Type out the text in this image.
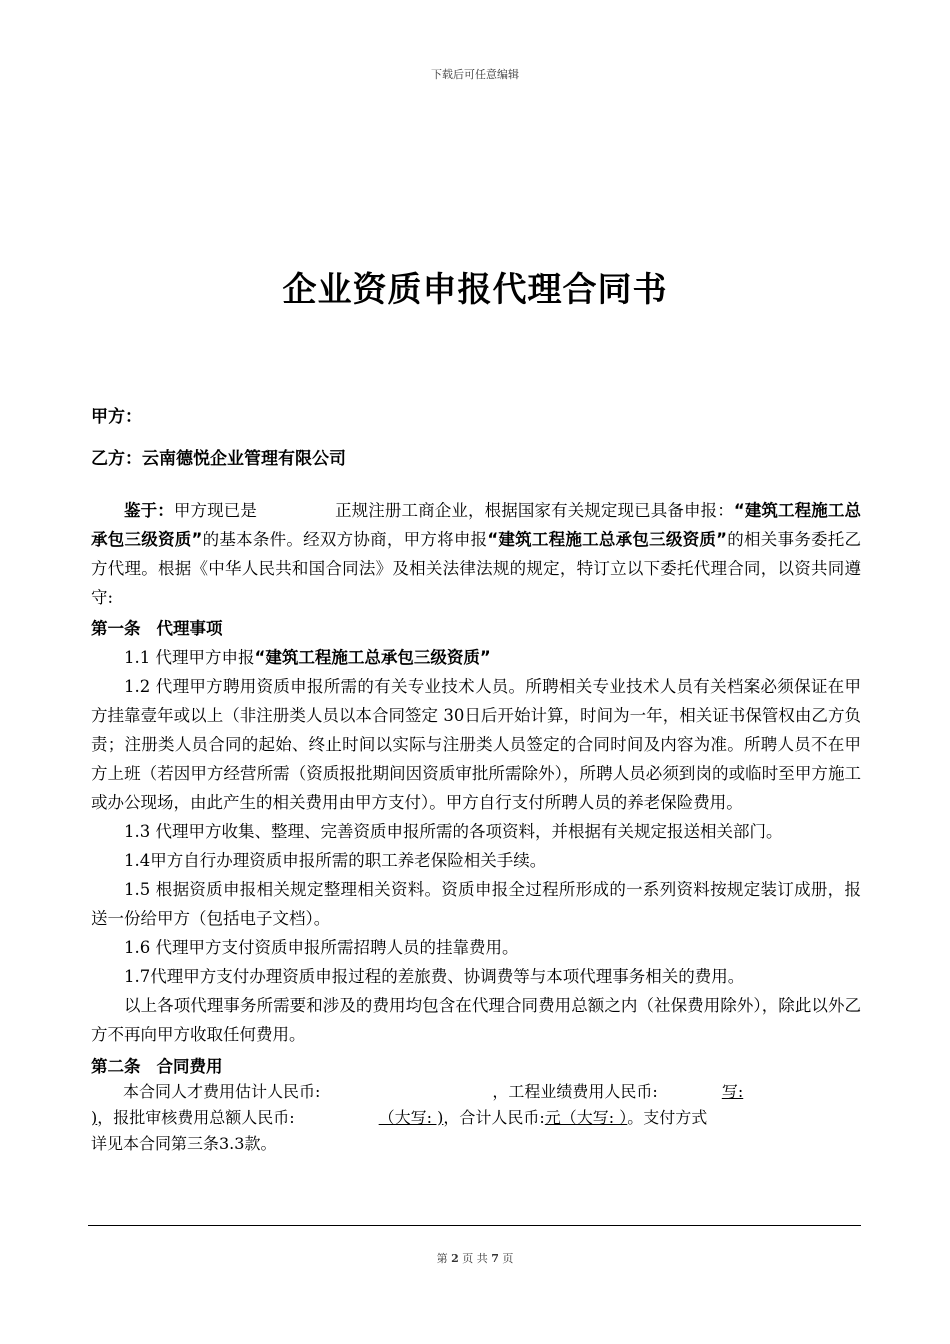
下载后可任意编辑
企业资质申报代理合同书

甲方：

乙方：云南德悦企业管理有限公司

鉴于：甲方现已是	正规注册工商企业，根据国家有关规定现已具备申报：“建筑工程施工总承包三级资质”的基本条件。经双方协商，甲方将申报“建筑工程施工总承包三级资质”的相关事务委托乙方代理。根据《中华人民共和国合同法》及相关法律法规的规定，特订立以下委托代理合同，以资共同遵守:

第一条 代理事项

1.1 代理甲方申报“建筑工程施工总承包三级资质”

1.2 代理甲方聘用资质申报所需的有关专业技术人员。所聘相关专业技术人员有关档案必须保证在甲方挂靠壹年或以上（非注册类人员以本合同签定 30日后开始计算，时间为一年，相关证书保管权由乙方负责；注册类人员合同的起始、终止时间以实际与注册类人员签定的合同时间及内容为准。所聘人员不在甲方上班（若因甲方经营所需（资质报批期间因资质审批所需除外），所聘人员必须到岗的或临时至甲方施工或办公现场，由此产生的相关费用由甲方支付）。甲方自行支付所聘人员的养老保险费用。

1.3 代理甲方收集、整理、完善资质申报所需的各项资料，并根据有关规定报送相关部门。

1.4甲方自行办理资质申报所需的职工养老保险相关手续。

1.5 根据资质申报相关规定整理相关资料。资质申报全过程所形成的一系列资料按规定装订成册，报送一份给甲方（包括电子文档）。

1.6 代理甲方支付资质申报所需招聘人员的挂靠费用。

1.7代理甲方支付办理资质申报过程的差旅费、协调费等与本项代理事务相关的费用。

以上各项代理事务所需要和涉及的费用均包含在代理合同费用总额之内（社保费用除外），除此以外乙方不再向甲方收取任何费用。

第二条 合同费用

本合同人才费用估计人民币:	，工程业绩费用人民币:	写:

)，报批审核费用总额人民币:	（大写: )，合计人民币:元（大写: ）。支付方式

详见本合同第三条3.3款。

第 2 页 共 7 页
